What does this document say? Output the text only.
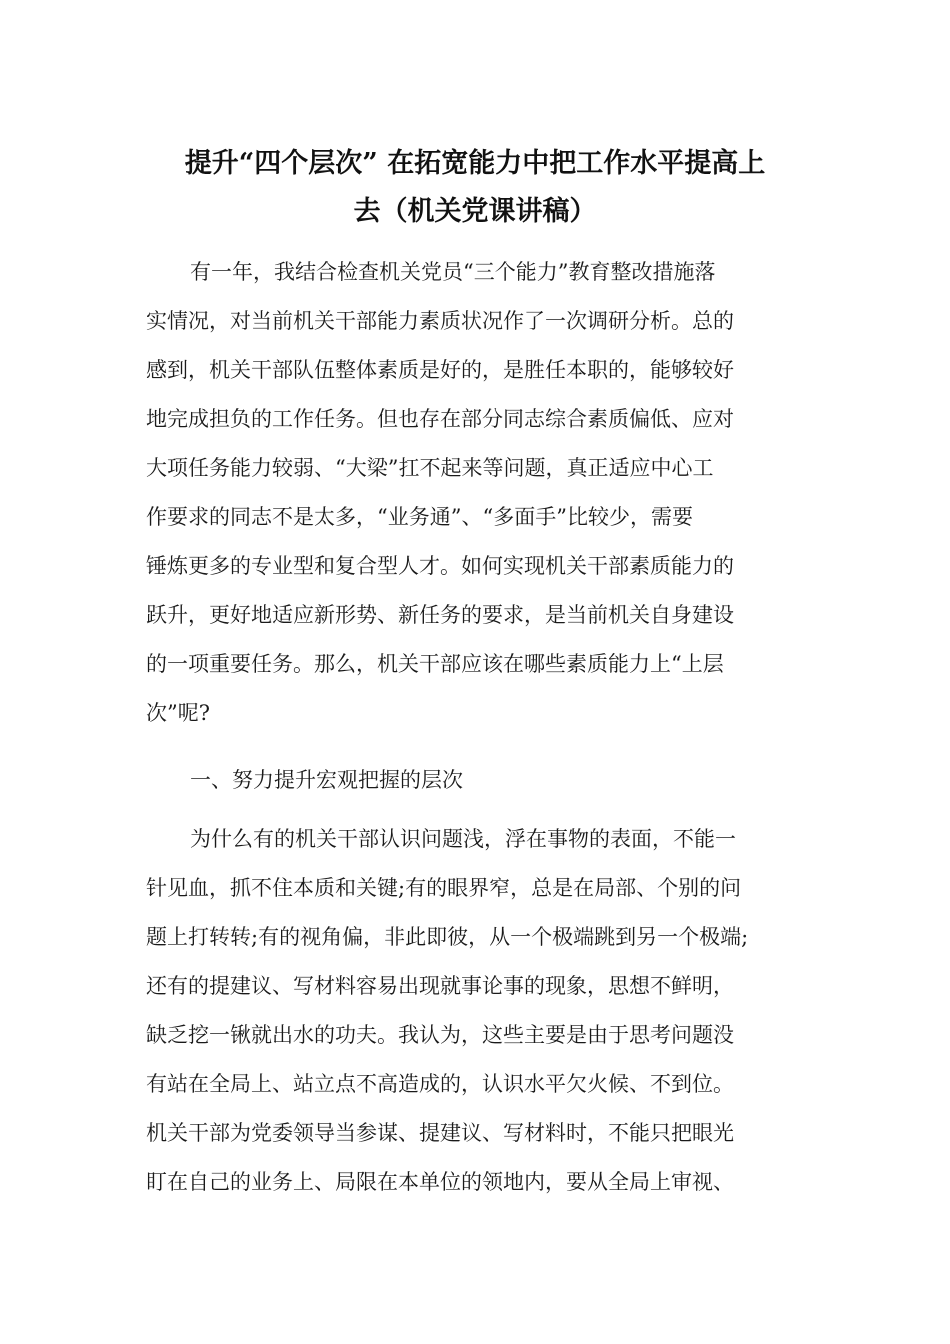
提升“四个层次” 在拓宽能力中把工作水平提高上
去（机关党课讲稿）
有一年，我结合检查机关党员“三个能力”教育整改措施落
实情况，对当前机关干部能力素质状况作了一次调研分析。总的
感到，机关干部队伍整体素质是好的，是胜任本职的，能够较好
地完成担负的工作任务。但也存在部分同志综合素质偏低、应对
大项任务能力较弱、“大梁”扛不起来等问题，真正适应中心工
作要求的同志不是太多，“业务通”、“多面手”比较少，需要
锤炼更多的专业型和复合型人才。如何实现机关干部素质能力的
跃升，更好地适应新形势、新任务的要求，是当前机关自身建设
的一项重要任务。那么，机关干部应该在哪些素质能力上“上层
次”呢?
一、努力提升宏观把握的层次
为什么有的机关干部认识问题浅，浮在事物的表面，不能一
针见血，抓不住本质和关键;有的眼界窄，总是在局部、个别的问
题上打转转;有的视角偏，非此即彼，从一个极端跳到另一个极端;
还有的提建议、写材料容易出现就事论事的现象，思想不鲜明，
缺乏挖一锹就出水的功夫。我认为，这些主要是由于思考问题没
有站在全局上、站立点不高造成的，认识水平欠火候、不到位。
机关干部为党委领导当参谋、提建议、写材料时，不能只把眼光
盯在自己的业务上、局限在本单位的领地内，要从全局上审视、
